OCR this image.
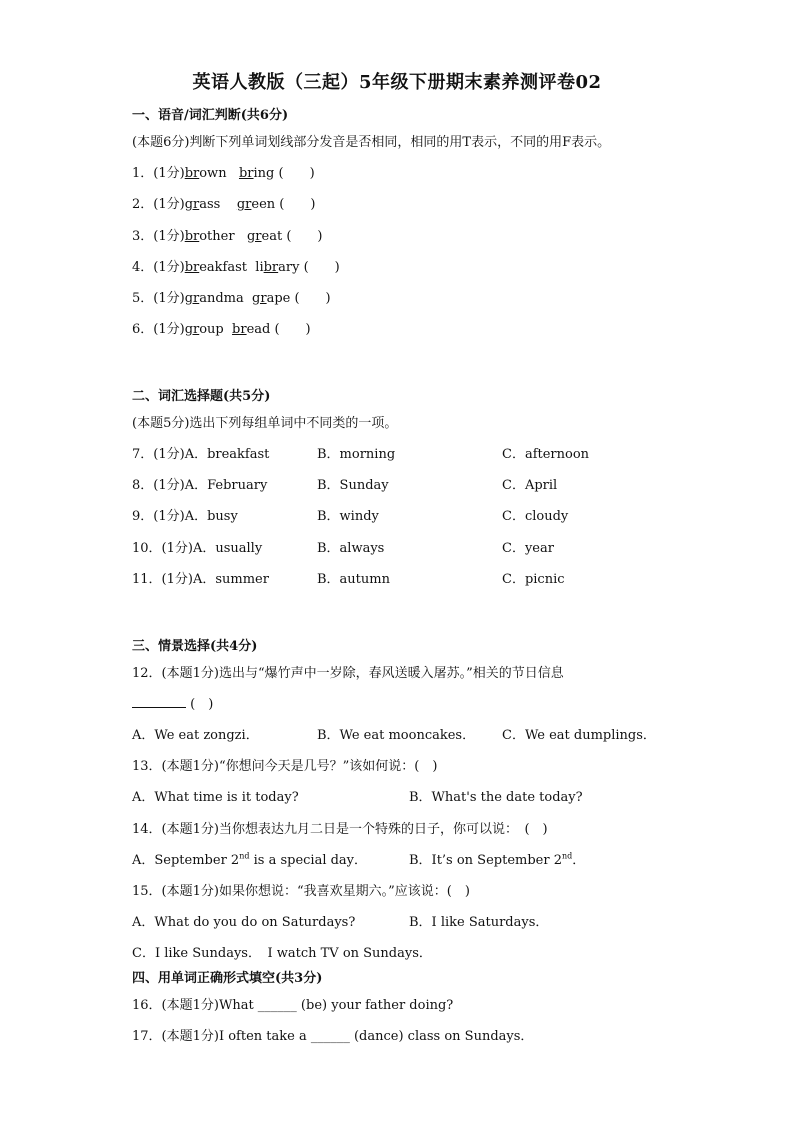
英语人教版（三起）5年级下册期末素养测评卷02
一、语音/词汇判断(共6分)
(本题6分)判断下列单词划线部分发音是否相同，相同的用T表示，不同的用F表示。
1．(1分)brown bring (　　)
2．(1分)grass green (　　)
3．(1分)brother great (　　)
4．(1分)breakfast library (　　)
5．(1分)grandma grape (　　)
6．(1分)group bread (　　)
二、词汇选择题(共5分)
(本题5分)选出下列每组单词中不同类的一项。
7．(1分)A．breakfast	B．morning	C．afternoon
8．(1分)A．February	B．Sunday	C．April
9．(1分)A．busy	B．windy	C．cloudy
10．(1分)A．usually	B．always	C．year
11．(1分)A．summer	B．autumn	C．picnic
三、情景选择(共4分)
12．(本题1分)选出与“爆竹声中一岁除，春风送暖入屠苏。”相关的节日信息
(　)
A．We eat zongzi．	B．We eat mooncakes． C．We eat dumplings．
13．(本题1分)“你想问今天是几号？”该如何说：(　)
A．What time is it today?	B．What's the date today?
14．(本题1分)当你想表达九月二日是一个特殊的日子，你可以说：　(　)
A．September 2nd is a special day．	B．It’s on September 2nd．
15．(本题1分)如果你想说：“我喜欢星期六。”应该说：(　)
A．What do you do on Saturdays?	B．I like Saturdays．
C．I like Sundays．　I watch TV on Sundays．
四、用单词正确形式填空(共3分)
16．(本题1分)What ______ (be) your father doing?
17．(本题1分)I often take a ______ (dance) class on Sundays．
